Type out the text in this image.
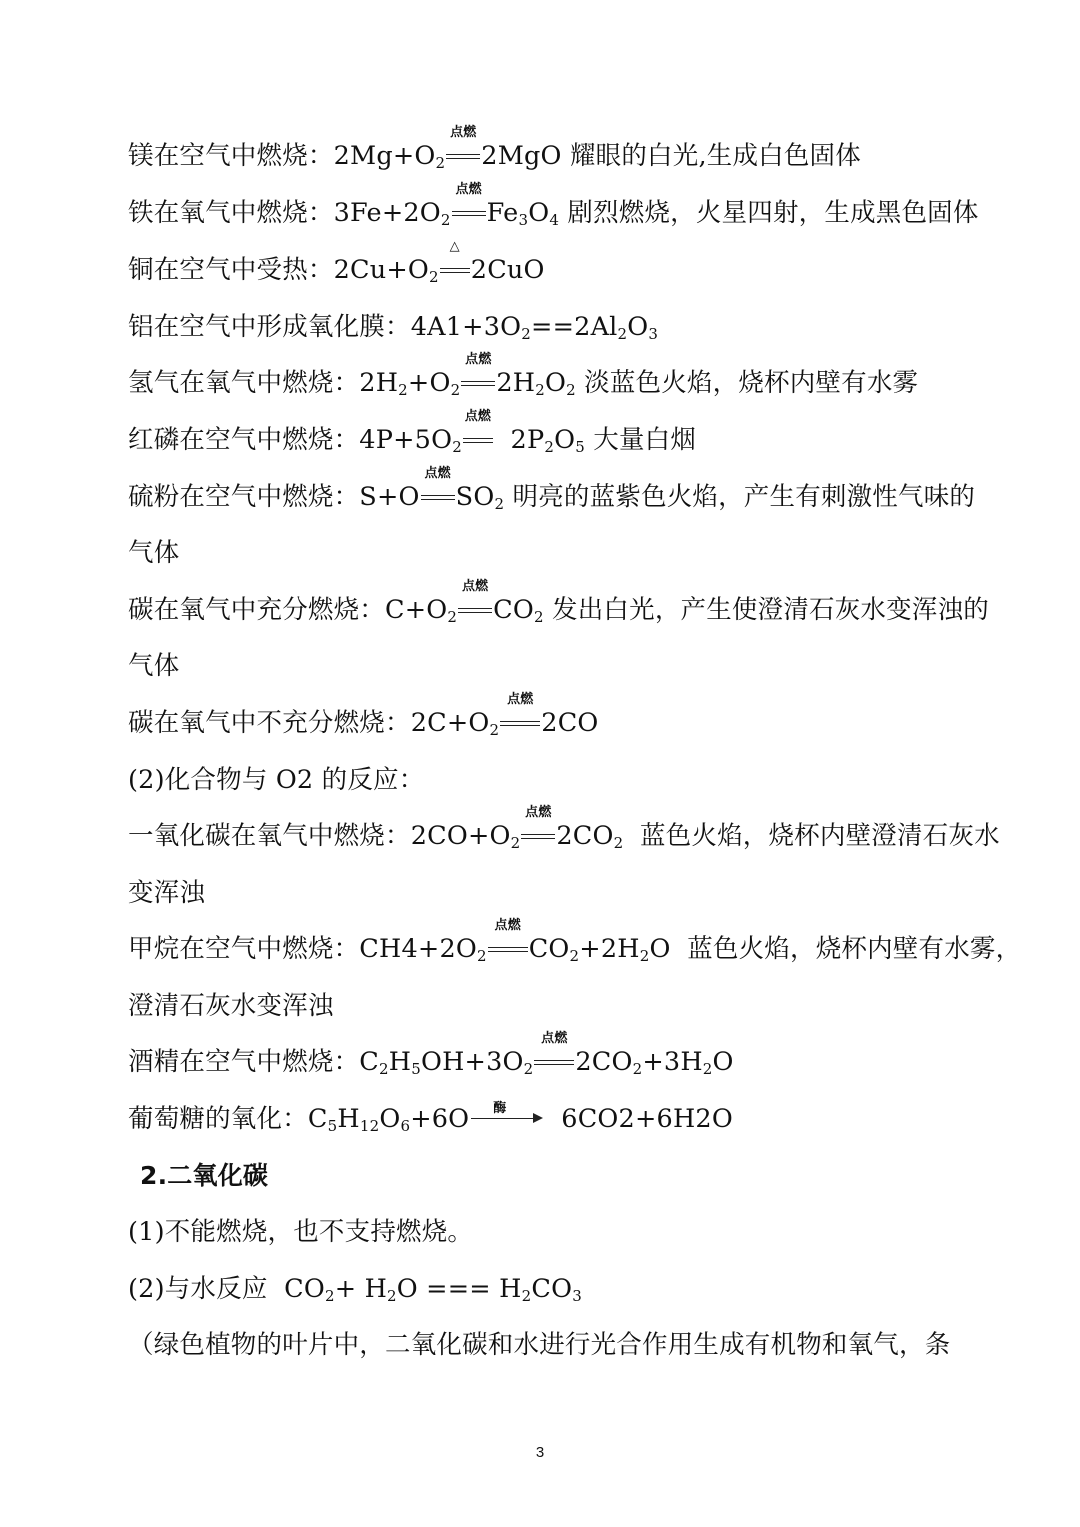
镁在空气中燃烧：$2Mg+O_2$
点燃
2MgO 耀眼的白光,生成白色固体
铁在氧气中燃烧：$3Fe+2O_2$
点燃
$Fe_3O_4$ 剧烈燃烧，火星四射，生成黑色固体
铜在空气中受热：$2Cu+O_2$
△
2CuO
铝在空气中形成氧化膜：$4A1+3O_2==2Al_2O_3$
氢气在氧气中燃烧：$2H_2+O_2$
点燃
$2H_2O_2$ 淡蓝色火焰，烧杯内壁有水雾
红磷在空气中燃烧：$4P+5O_2$
点燃
$2P_2O_5$ 大量白烟
硫粉在空气中燃烧：S+O
点燃
$SO_2$ 明亮的蓝紫色火焰，产生有刺激性气味的
气体
碳在氧气中充分燃烧：$C+O_2$
点燃
$CO_2$ 发出白光，产生使澄清石灰水变浑浊的
气体
碳在氧气中不充分燃烧：$2C+O_2$
点燃
2CO
(2)化合物与 O2 的反应：
一氧化碳在氧气中燃烧：$2CO+O_2$
点燃
$2CO_2$  蓝色火焰，烧杯内壁澄清石灰水
变浑浊
甲烷在空气中燃烧：$CH4+2O_2$
点燃
$CO_2+2H_2O$  蓝色火焰，烧杯内壁有水雾，
澄清石灰水变浑浊
酒精在空气中燃烧：$C_2H_5OH+3O_2$
点燃
$2CO_2+3H_2O$
葡萄糖的氧化：$C_5H_{12}O_6+6O$ 酶 6CO2+6H2O
2.二氧化碳
(1)不能燃烧，也不支持燃烧。
(2)与水反应  $CO_2+ H_2O$ === $H_2CO_3$
（绿色植物的叶片中，二氧化碳和水进行光合作用生成有机物和氧气，条
3
